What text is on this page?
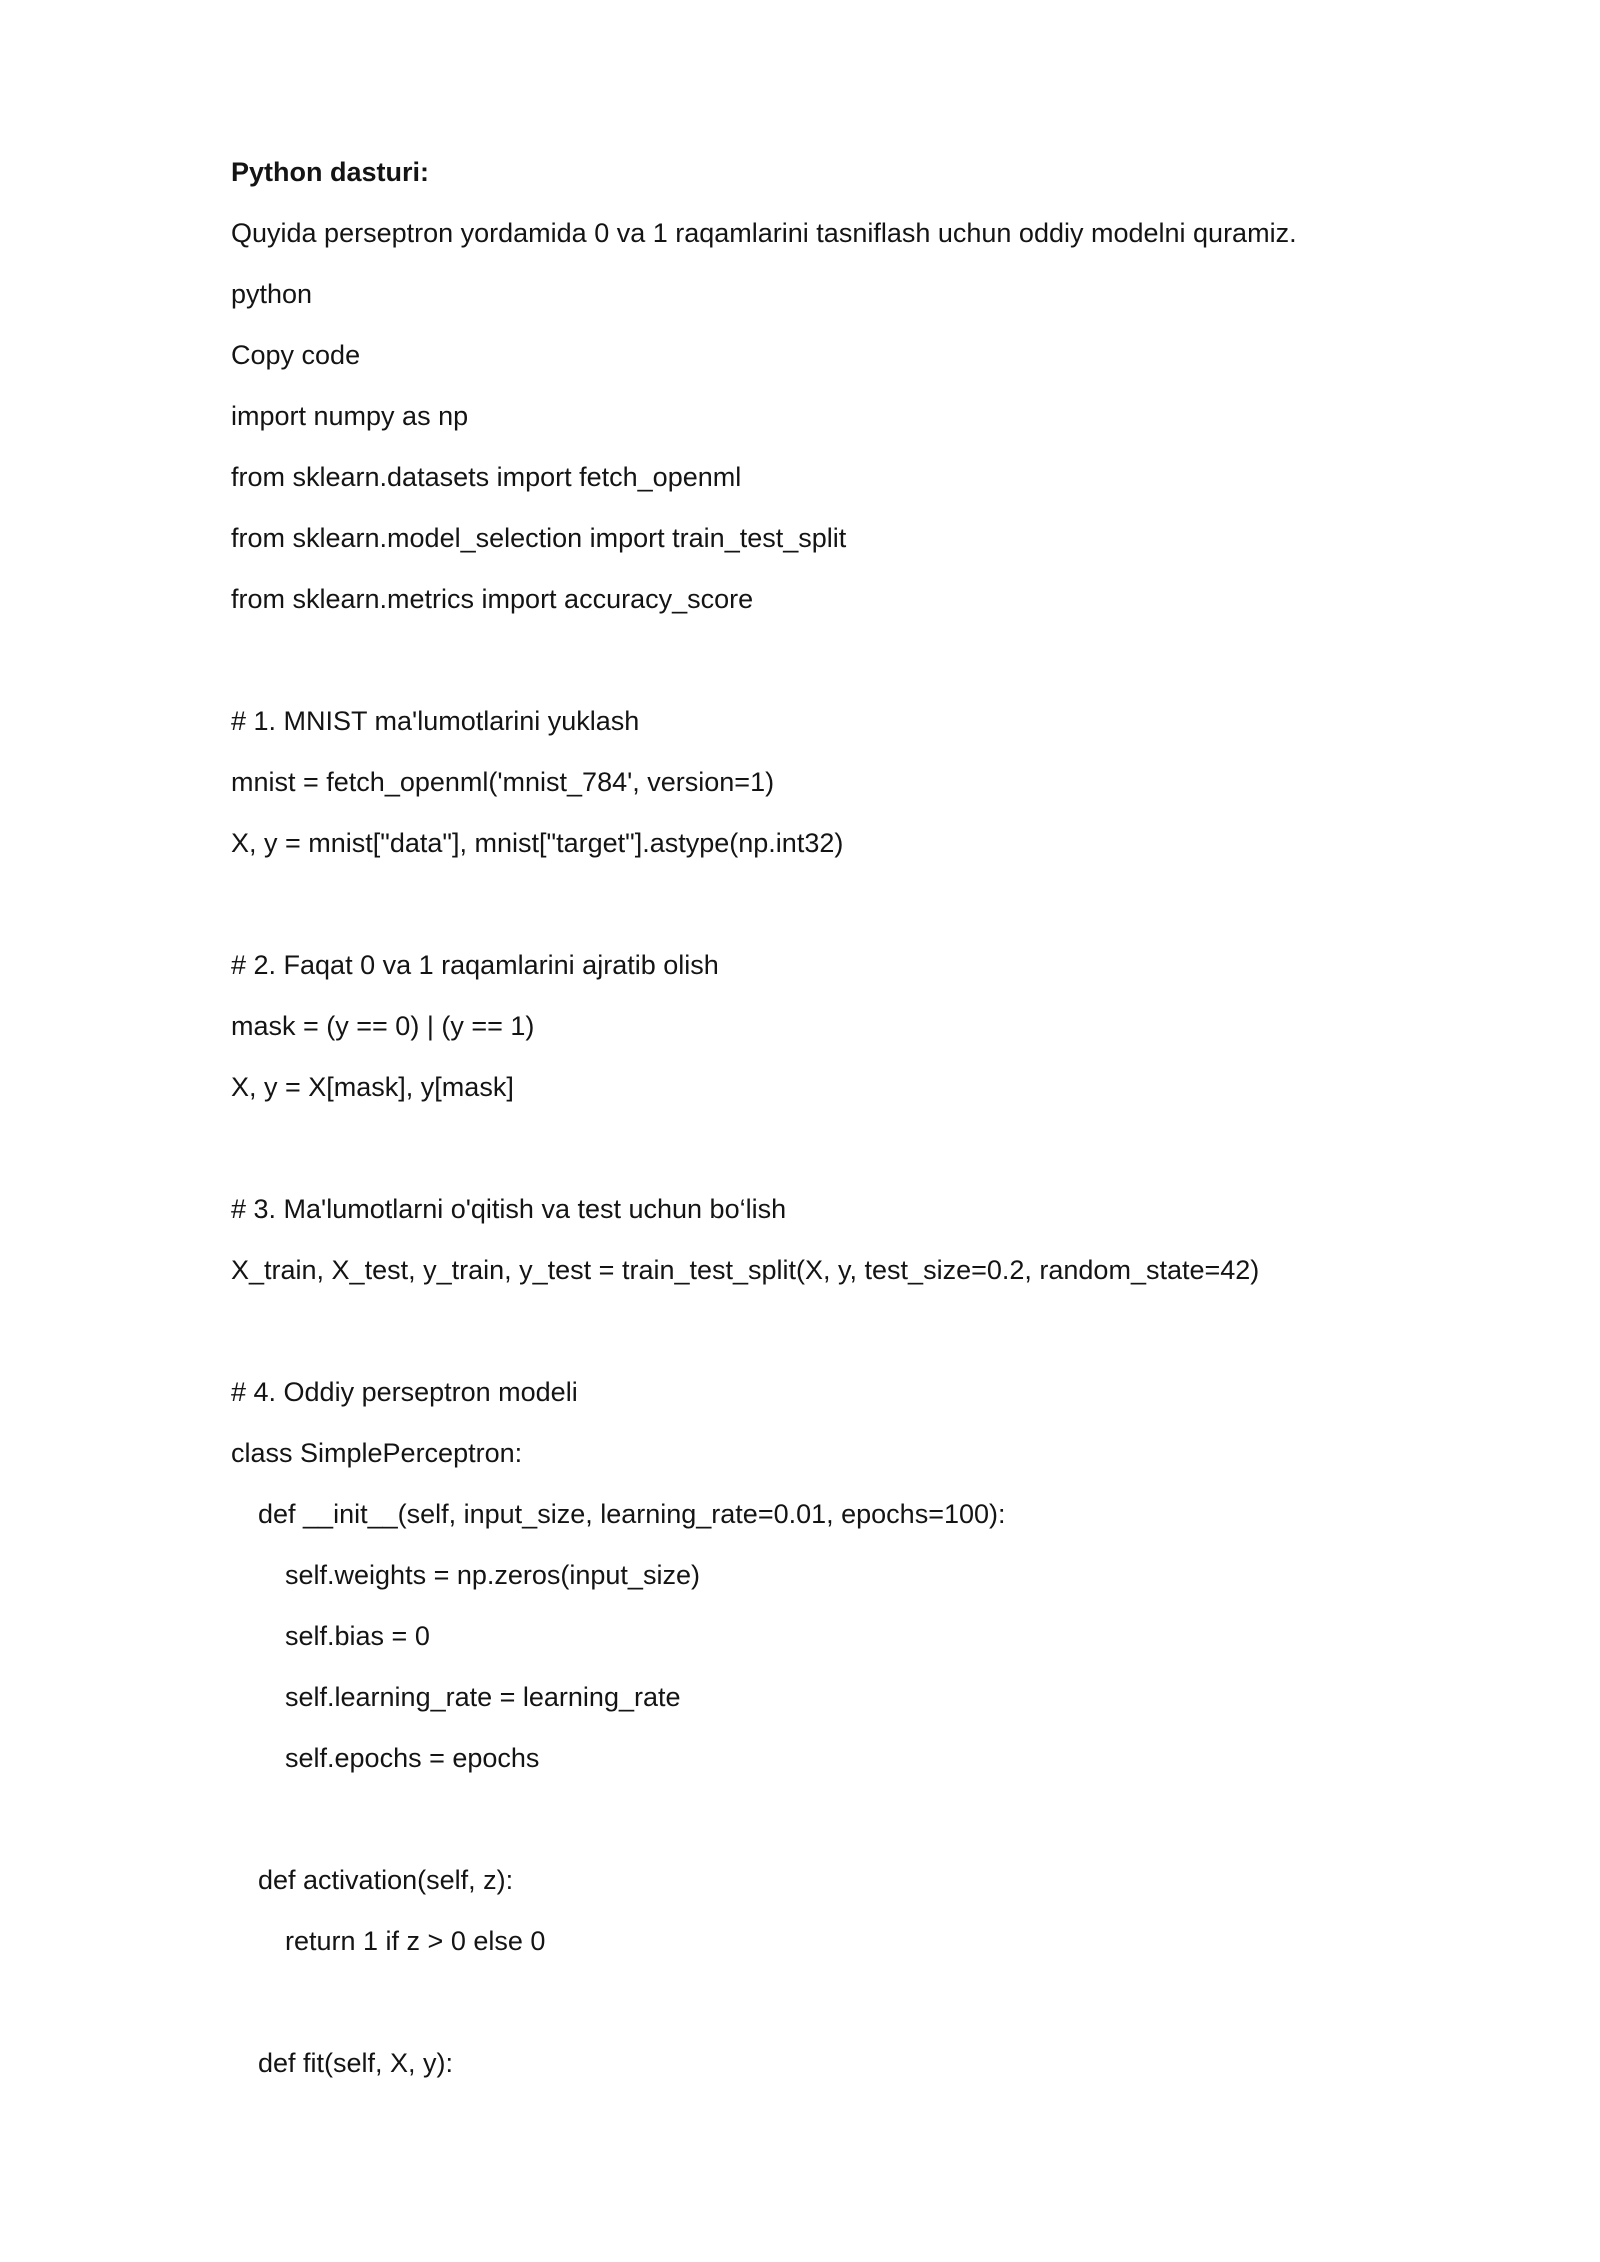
Python dasturi:
Quyida perseptron yordamida 0 va 1 raqamlarini tasniflash uchun oddiy modelni quramiz.
python
Copy code
import numpy as np
from sklearn.datasets import fetch_openml
from sklearn.model_selection import train_test_split
from sklearn.metrics import accuracy_score
# 1. MNIST ma'lumotlarini yuklash
mnist = fetch_openml('mnist_784', version=1)
X, y = mnist["data"], mnist["target"].astype(np.int32)
# 2. Faqat 0 va 1 raqamlarini ajratib olish
mask = (y == 0) | (y == 1)
X, y = X[mask], y[mask]
# 3. Ma'lumotlarni o'qitish va test uchun bo‘lish
X_train, X_test, y_train, y_test = train_test_split(X, y, test_size=0.2, random_state=42)
# 4. Oddiy perseptron modeli
class SimplePerceptron:
def __init__(self, input_size, learning_rate=0.01, epochs=100):
self.weights = np.zeros(input_size)
self.bias = 0
self.learning_rate = learning_rate
self.epochs = epochs
def activation(self, z):
return 1 if z > 0 else 0
def fit(self, X, y):
